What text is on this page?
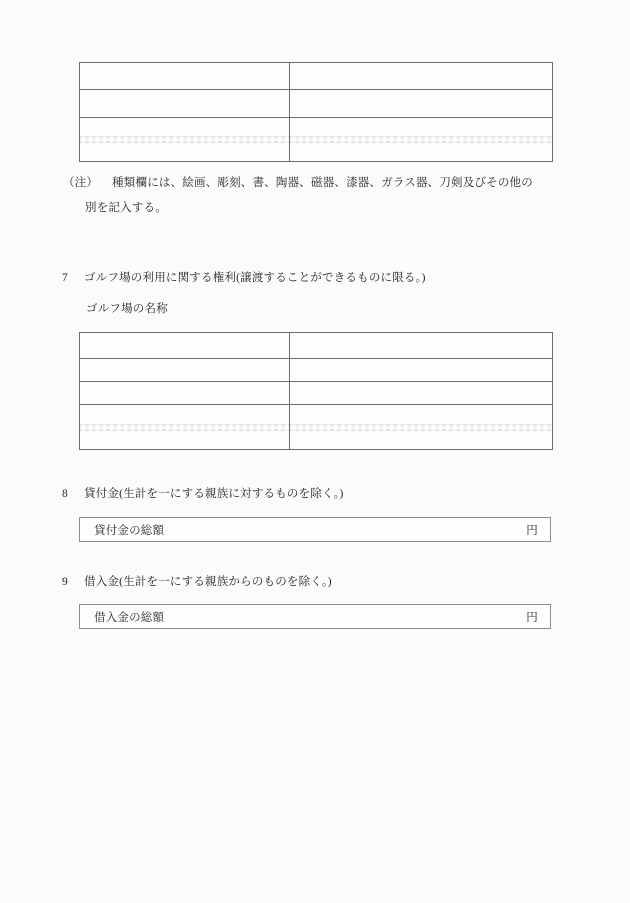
（注） 種類欄には、絵画、彫刻、書、陶器、磁器、漆器、ガラス器、刀剣及びその他の
別を記入する。
7 ゴルフ場の利用に関する権利(譲渡することができるものに限る。)
ゴルフ場の名称

8 貸付金(生計を一にする親族に対するものを除く。)
貸付金の総額	円
9 借入金(生計を一にする親族からのものを除く。)
借入金の総額	円
